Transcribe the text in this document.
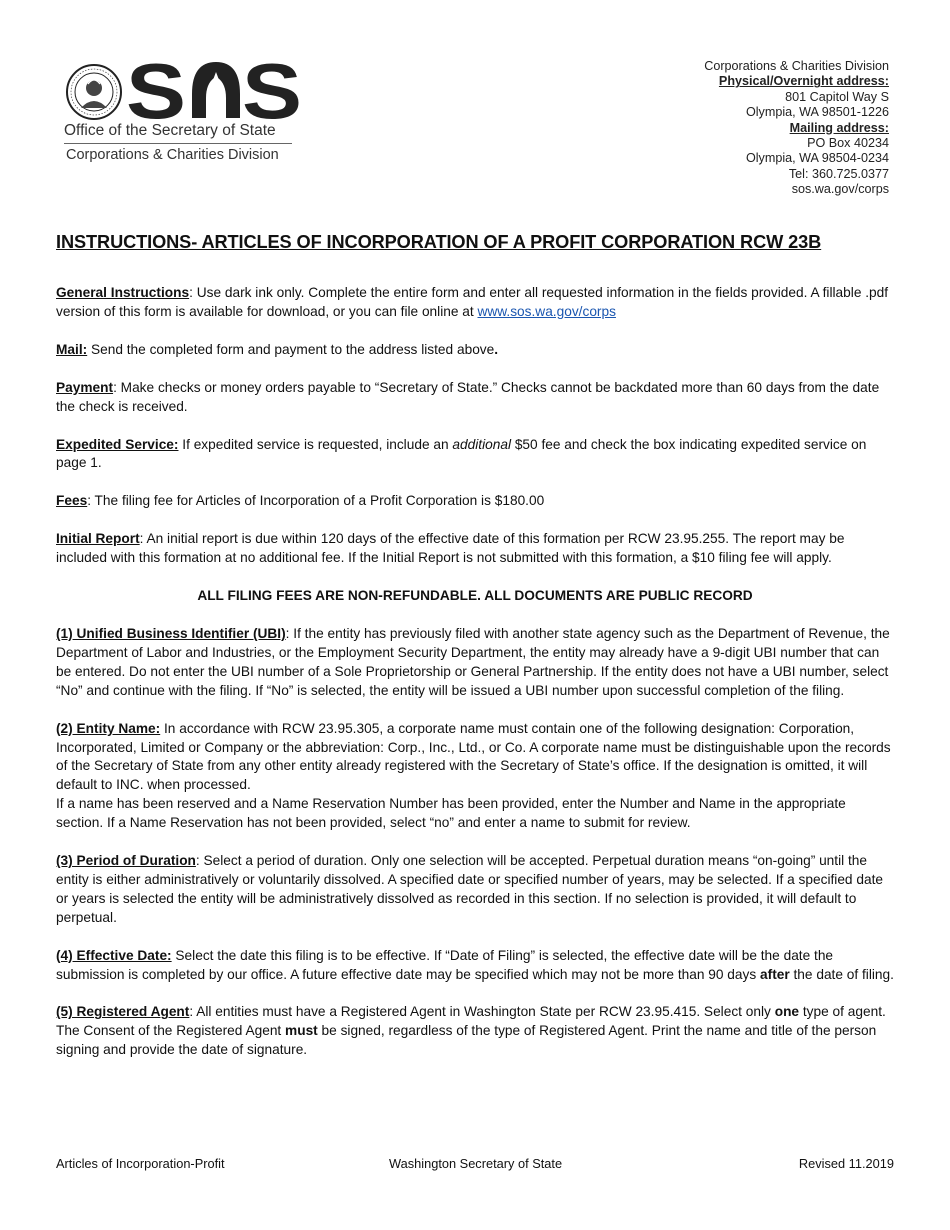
S S
Office of the Secretary of State
Corporations & Charities Division
Corporations & Charities Division
Physical/Overnight address:
801 Capitol Way S
Olympia, WA 98501-1226
Mailing address:
PO Box 40234
Olympia, WA 98504-0234
Tel: 360.725.0377
sos.wa.gov/corps
INSTRUCTIONS- ARTICLES OF INCORPORATION OF A PROFIT CORPORATION RCW 23B

General Instructions: Use dark ink only. Complete the entire form and enter all requested information in the fields provided. A fillable .pdf version of this form is available for download, or you can file online at www.sos.wa.gov/corps

Mail: Send the completed form and payment to the address listed above.

Payment: Make checks or money orders payable to “Secretary of State.” Checks cannot be backdated more than 60 days from the date the check is received.

Expedited Service: If expedited service is requested, include an additional $50 fee and check the box indicating expedited service on page 1.

Fees: The filing fee for Articles of Incorporation of a Profit Corporation is $180.00

Initial Report: An initial report is due within 120 days of the effective date of this formation per RCW 23.95.255. The report may be included with this formation at no additional fee. If the Initial Report is not submitted with this formation, a $10 filing fee will apply.

ALL FILING FEES ARE NON-REFUNDABLE. ALL DOCUMENTS ARE PUBLIC RECORD

(1) Unified Business Identifier (UBI): If the entity has previously filed with another state agency such as the Department of Revenue, the Department of Labor and Industries, or the Employment Security Department, the entity may already have a 9-digit UBI number that can be entered. Do not enter the UBI number of a Sole Proprietorship or General Partnership. If the entity does not have a UBI number, select “No” and continue with the filing. If “No” is selected, the entity will be issued a UBI number upon successful completion of the filing.

(2) Entity Name: In accordance with RCW 23.95.305, a corporate name must contain one of the following designation: Corporation, Incorporated, Limited or Company or the abbreviation: Corp., Inc., Ltd., or Co. A corporate name must be distinguishable upon the records of the Secretary of State from any other entity already registered with the Secretary of State’s office. If the designation is omitted, it will default to INC. when processed.

If a name has been reserved and a Name Reservation Number has been provided, enter the Number and Name in the appropriate section. If a Name Reservation has not been provided, select “no” and enter a name to submit for review.

(3) Period of Duration: Select a period of duration. Only one selection will be accepted. Perpetual duration means “on-going” until the entity is either administratively or voluntarily dissolved. A specified date or specified number of years, may be selected. If a specified date or years is selected the entity will be administratively dissolved as recorded in this section. If no selection is provided, it will default to perpetual.

(4) Effective Date: Select the date this filing is to be effective. If “Date of Filing” is selected, the effective date will be the date the submission is completed by our office. A future effective date may be specified which may not be more than 90 days after the date of filing.

(5) Registered Agent: All entities must have a Registered Agent in Washington State per RCW 23.95.415. Select only one type of agent. The Consent of the Registered Agent must be signed, regardless of the type of Registered Agent. Print the name and title of the person signing and provide the date of signature.

Articles of Incorporation-Profit	Washington Secretary of State	Revised 11.2019
